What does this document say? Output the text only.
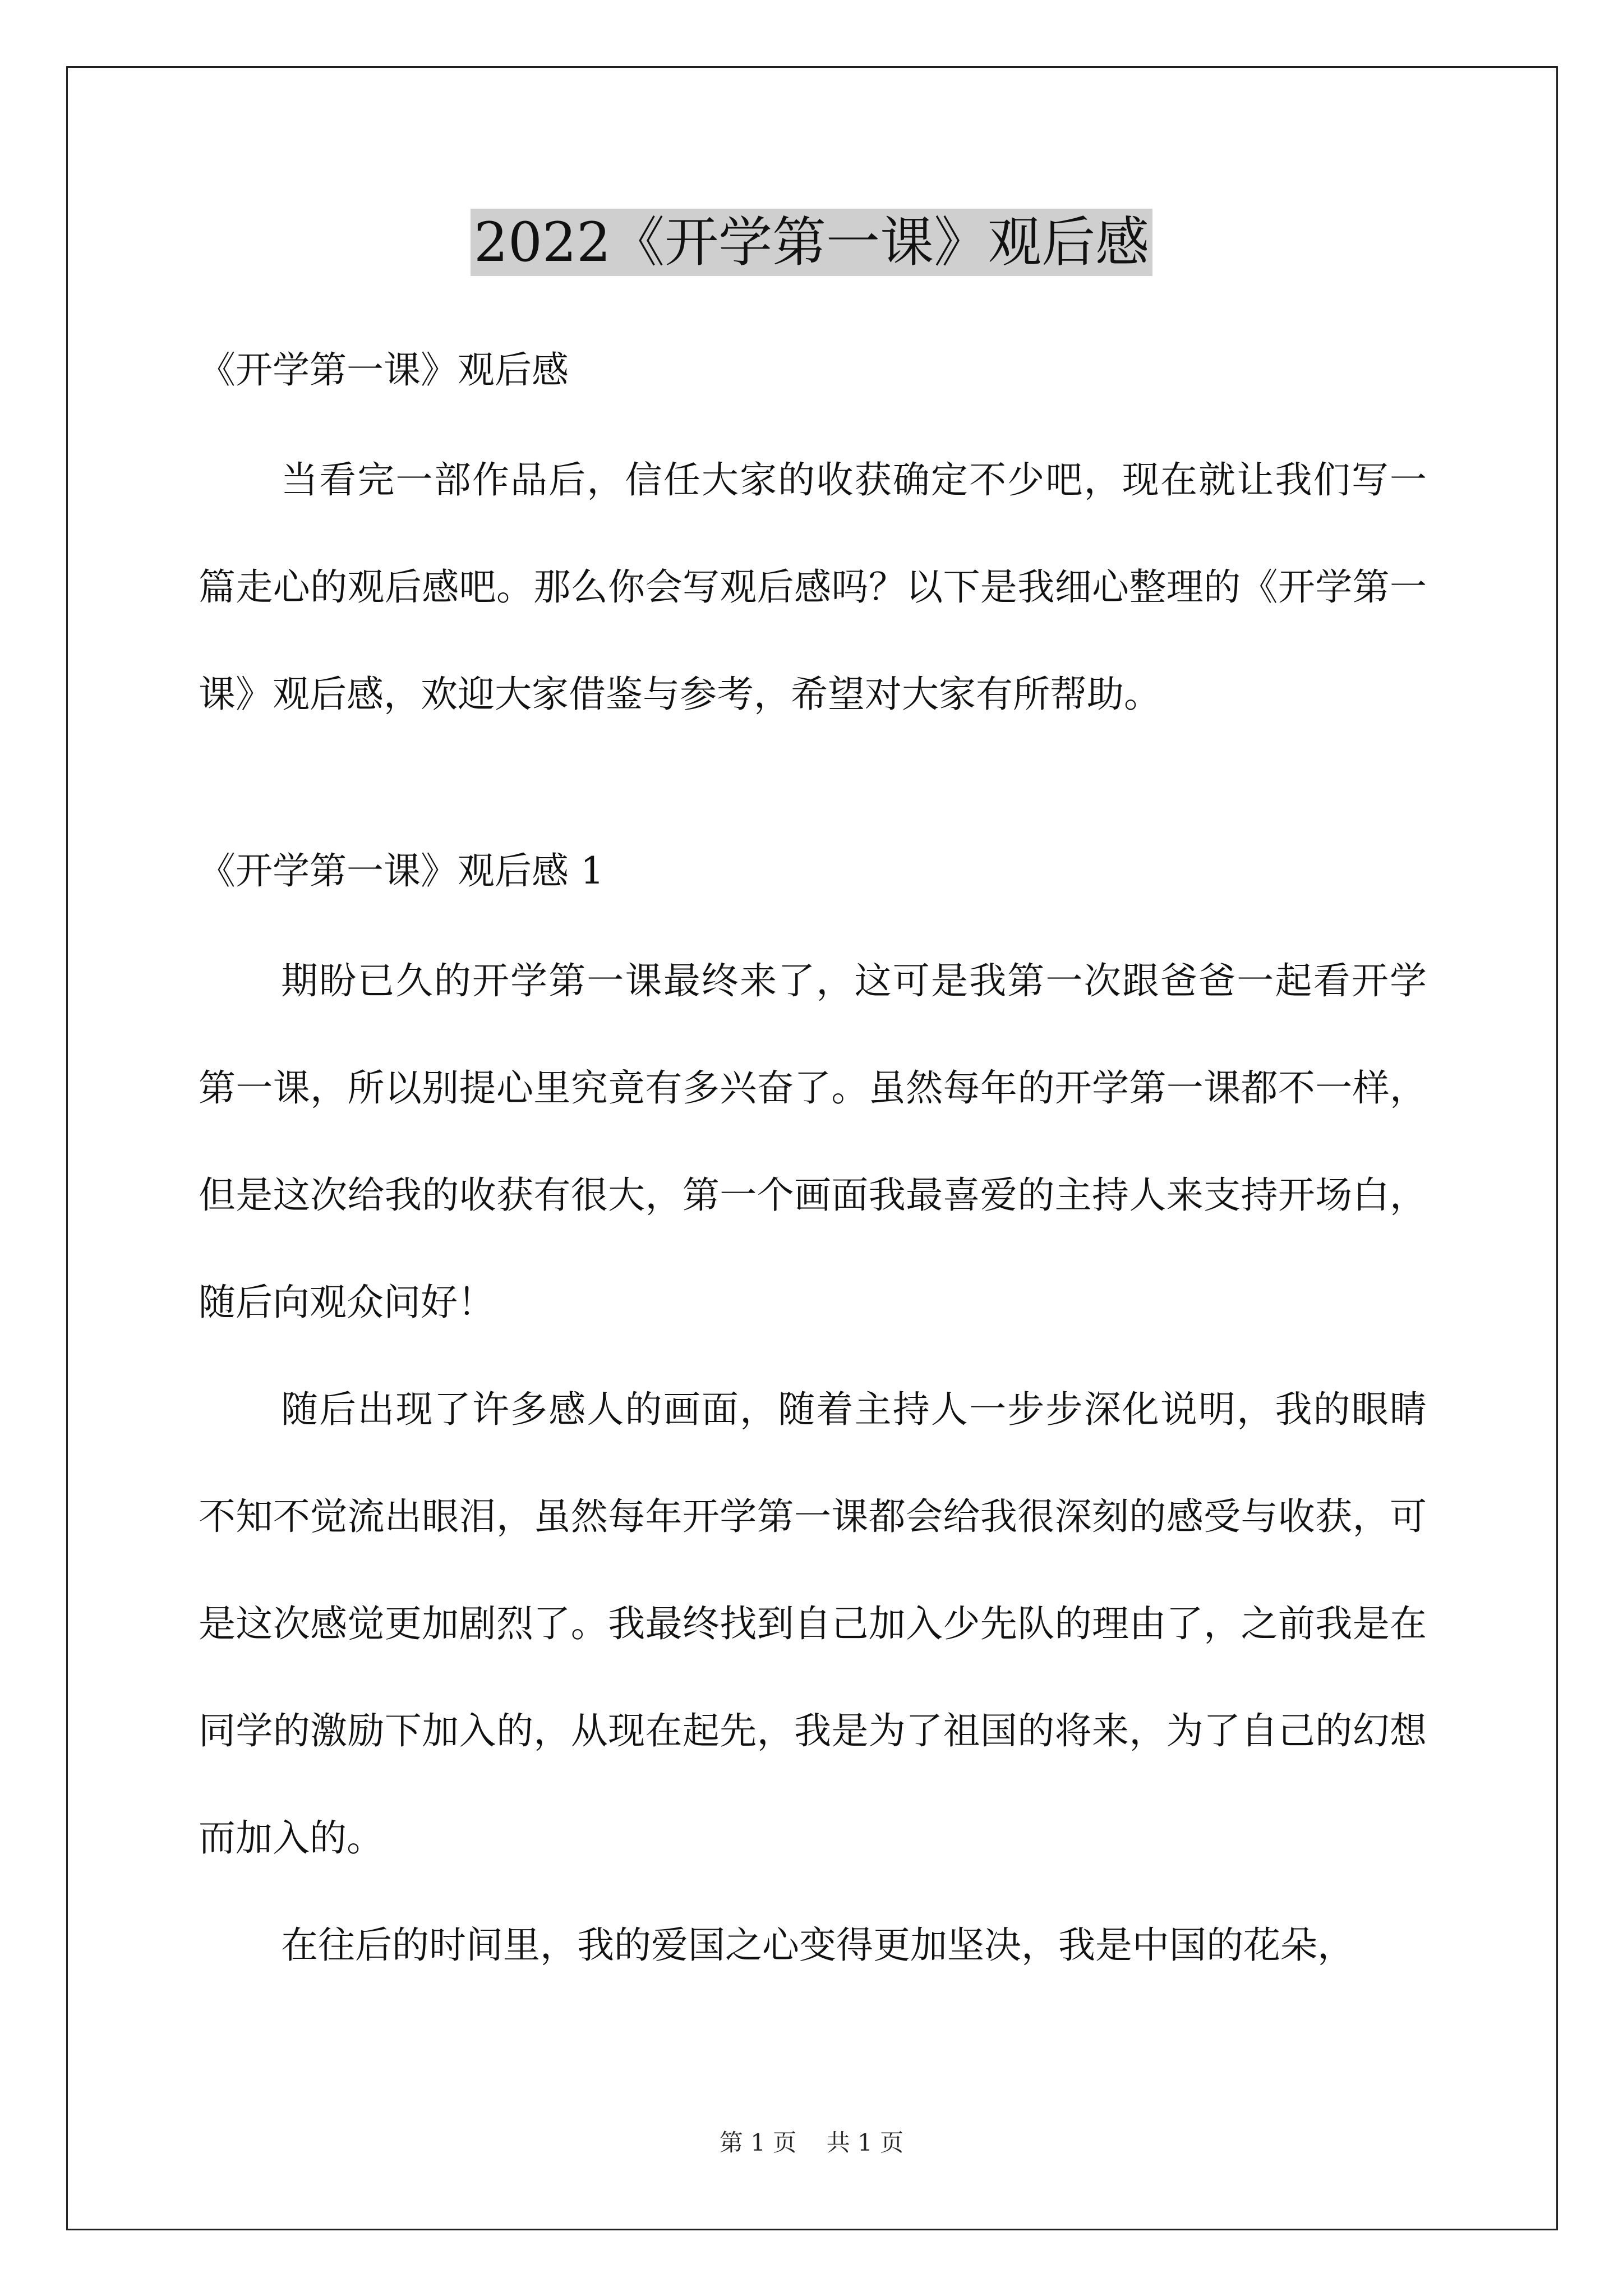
2022《开学第一课》观后感
《开学第一课》观后感

当看完一部作品后，信任大家的收获确定不少吧，现在就让我们写一篇走心的观后感吧。那么你会写观后感吗？以下是我细心整理的《开学第一课》观后感，欢迎大家借鉴与参考，希望对大家有所帮助。

《开学第一课》观后感 1

期盼已久的开学第一课最终来了，这可是我第一次跟爸爸一起看开学第一课，所以别提心里究竟有多兴奋了。虽然每年的开学第一课都不一样，但是这次给我的收获有很大，第一个画面我最喜爱的主持人来支持开场白，随后向观众问好！

随后出现了许多感人的画面，随着主持人一步步深化说明，我的眼睛不知不觉流出眼泪，虽然每年开学第一课都会给我很深刻的感受与收获，可是这次感觉更加剧烈了。我最终找到自己加入少先队的理由了，之前我是在同学的激励下加入的，从现在起先，我是为了祖国的将来，为了自己的幻想而加入的。

在往后的时间里，我的爱国之心变得更加坚决，我是中国的花朵，

第 1 页    共 1 页
